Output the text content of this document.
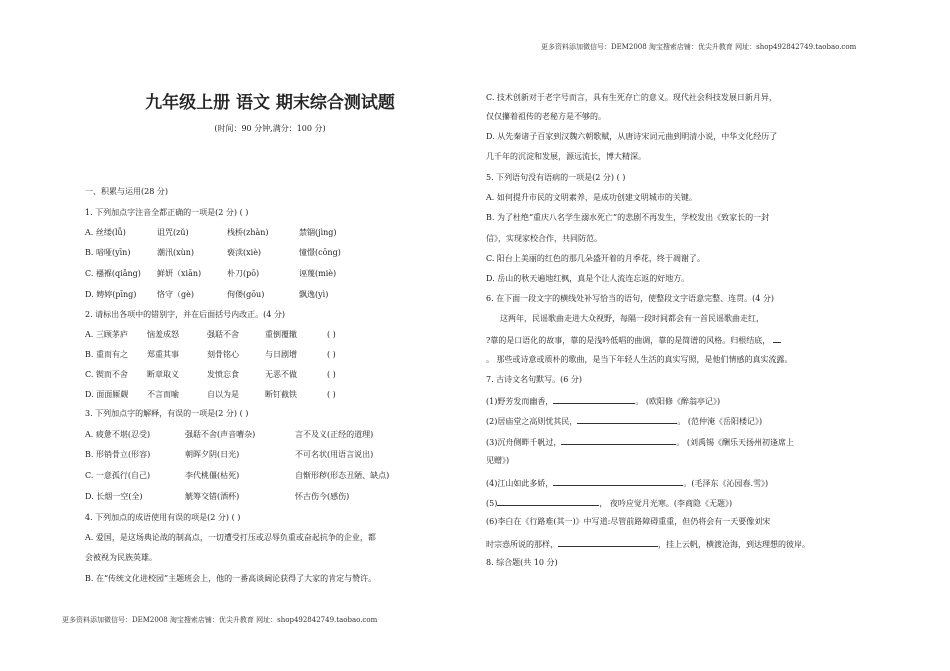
更多资料添加微信号：DEM2008 淘宝搜索店铺：优尖升教育 网址：shop492842749.taobao.com
九年级上册 语文 期末综合测试题
(时间：90 分钟,满分：100 分)
一、积累与运用(28 分)
1. 下列加点字注音全都正确的一项是(2 分) ( )
A. 丝缕(lǚ)	诅咒(zǔ)	栈桥(zhàn)	禁锢(jìng)
B. 喑哑(yīn)	潮汛(xùn)	亵渎(xiè)	憧憬(cōng)
C. 襁褓(qiǎng) 鲜妍（xiān)	朴刀(pō)	诬蔑(miè)
D. 娉婷(pīng)	恪守（gè)	佝偻(gōu)	飘逸(yì)
2. 请标出各项中的错别字，并在后面括号内改正。(4 分)
A. 三顾茅庐 恼羞成怒	强聒不舍	重倒覆辙	( )
B. 重而有之 郑重其事	刻骨铭心	与日剧增	( )
C. 锲而不舍 断章取义	发愤忘食	无恶不做	( )
D. 面面厮觑 不言而喻	自以为是	断钉截铁	( )
3. 下列加点字的解释，有误的一项是(2 分) ( )
A. 疲惫不堪(忍受)	强聒不舍(声音嘈杂)	言不及义(正经的道理)
B. 形销骨立(形容)	朝晖夕阴(日光)	不可名状(用语言说出)
C. 一意孤行(自己)	李代桃僵(枯死)	自惭形秽(形态丑陋、缺点)
D. 长烟一空(全)	觥筹交错(酒杯)	怀古伤今(感伤)
4. 下列加点的成语使用有误的项是(2 分) ( )
A. 爱国，是这场典论战的制高点，一切遭受打压或忍辱负重或奋起抗争的企业，都
会被视为民族英雄。
B. 在“传统文化进校园”主题班会上，他的一番高谈阔论获得了大家的肯定与赞许。
C. 技术创新对于老字号而言，具有生死存亡的意义。现代社会科技发展日新月异，
仅仅攥着祖传的老秘方是不够的。
D. 从先秦诸子百家到汉魏六朝歌赋，从唐诗宋词元曲到明清小说，中华文化经历了
几千年的沉淀和发展，源远流长，博大精深。
5. 下列语句没有语病的一项是(2 分) ( )
A. 如何提升市民的文明素养，是成功创建文明城市的关键。
B. 为了杜绝“重庆八名学生溺水死亡”的悲剧不再发生，学校发出《致家长的一封
信》，实现家校合作，共同防范。
C. 阳台上美丽的红色的那几朵盛开着的月季花，终于凋谢了。
D. 岳山的秋天遍地红枫，真是个让人流连忘返的好地方。
6. 在下面一段文字的横线处补写恰当的语句，使整段文字语意完整、连贯。(4 分)
这两年，民谣歌曲走进大众视野，每隔一段时间都会有一首民谣歌曲走红，
?靠的是口语化的故事，靠的是浅吟低唱的曲调，靠的是简谱的风格。归根结底，
。 那些或诗意或质朴的歌曲，是当下年轻人生活的真实写照，是他们情感的真实流露。
7. 古诗文名句默写。(6 分)
(1)野芳发而幽香，	。 (欧阳修《醉翁亭记》)
(2)居庙堂之高则忧其民，	。 (范仲淹《岳阳楼记》)
(3)沉舟侧畔千帆过，	。 (刘禹锡《酬乐天扬州初逢席上
见赠》)
(4)江山如此多娇，	。(毛泽东《沁园春.雪》)
(5)	， 夜吟应觉月光寒。(李商隐《无题》)
(6)李白在《行路难(其一)》中写道:尽管前路障碍重重，但仍将会有一天要像刘宋
时宗悫所说的那样，	，挂上云帆，横渡沧海，到达理想的彼岸。
8. 综合题(共 10 分)
更多资料添加微信号：DEM2008 淘宝搜索店铺：优尖升教育 网址：shop492842749.taobao.com
